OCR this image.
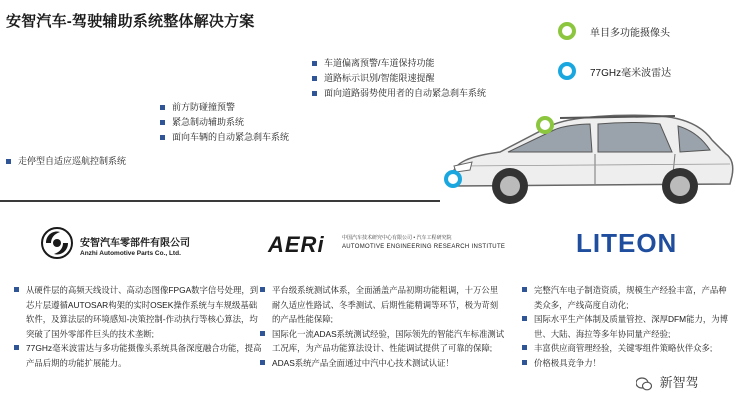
安智汽车-驾驶辅助系统整体解决方案
单目多功能摄像头
77GHz毫米波雷达
车道偏离预警/车道保持功能
道路标示识别/智能限速提醒
面向道路弱势使用者的自动紧急刹车系统
前方防碰撞预警
紧急制动辅助系统
面向车辆的自动紧急刹车系统
走停型自适应巡航控制系统
安智汽车零部件有限公司
Anzhi Automotive Parts Co., Ltd.	AERi	中国汽车技术研究中心有限公司 • 汽车工程研究院
AUTOMOTIVE ENGINEERING RESEARCH INSTITUTE	LITEON
从硬件层的高频天线设计、高动态图像FPGA数字信号处理，到芯片层遵循AUTOSAR构架的实时OSEK操作系统与车规级基础软件，及算法层的环境感知-决策控制-作动执行等核心算法，均突破了国外零部件巨头的技术垄断;
77GHz毫米波雷达与多功能摄像头系统具备深度融合功能，提高产品后期的功能扩展能力。
平台级系统测试体系，全面涵盖产品初期功能粗调，十万公里耐久适应性路试、冬季测试、后期性能精调等环节，极为苛刻的产品性能保障;
国际化一流ADAS系统测试经验，国际领先的智能汽车标准测试工况库，为产品功能算法设计、性能调试提供了可靠的保障;
ADAS系统产品全面通过中汽中心技术测试认证！
完整汽车电子制造资质，规模生产经验丰富，产品种类众多，产线高度自动化;
国际水平生产体制及质量管控、深厚DFM能力，为博世、大陆、海拉等多年协同量产经验;
丰富供应商管理经验，关键零组件策略伙伴众多;
价格极具竞争力！
新智驾
